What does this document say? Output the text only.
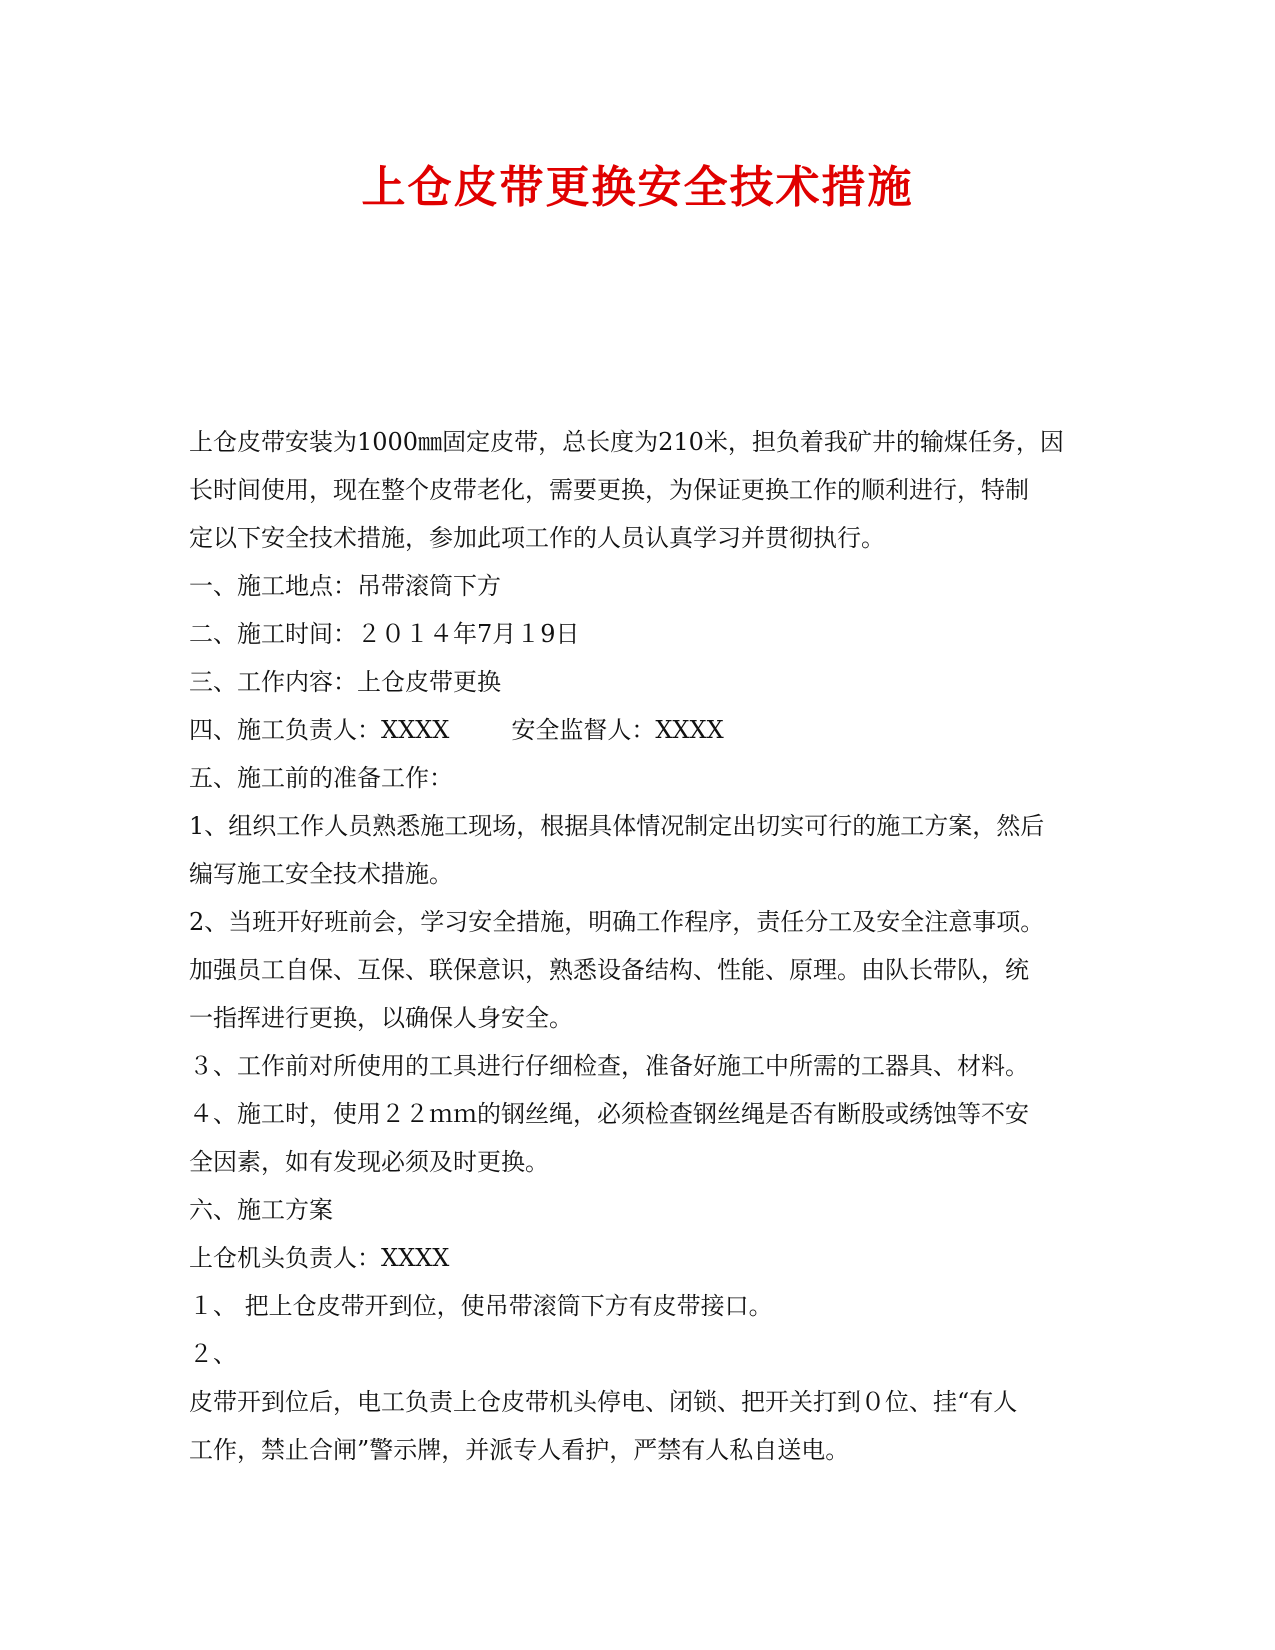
上仓皮带更换安全技术措施

上仓皮带安装为1000㎜固定皮带，总长度为210米，担负着我矿井的输煤任务，因

长时间使用，现在整个皮带老化，需要更换，为保证更换工作的顺利进行，特制

定以下安全技术措施，参加此项工作的人员认真学习并贯彻执行。

一、施工地点：吊带滚筒下方

二、施工时间：２０１４年7月１9日

三、工作内容：上仓皮带更换

四、施工负责人：XXXX	安全监督人：XXXX

五、施工前的准备工作：

1、组织工作人员熟悉施工现场，根据具体情况制定出切实可行的施工方案，然后

编写施工安全技术措施。

2、当班开好班前会，学习安全措施，明确工作程序，责任分工及安全注意事项。

加强员工自保、互保、联保意识，熟悉设备结构、性能、原理。由队长带队，统

一指挥进行更换，以确保人身安全。

３、工作前对所使用的工具进行仔细检查，准备好施工中所需的工器具、材料。

４、施工时，使用２２ｍｍ的钢丝绳，必须检查钢丝绳是否有断股或绣蚀等不安

全因素，如有发现必须及时更换。

六、施工方案

上仓机头负责人：XXXX

１、 把上仓皮带开到位，使吊带滚筒下方有皮带接口。

２、

皮带开到位后，电工负责上仓皮带机头停电、闭锁、把开关打到０位、挂“有人

工作，禁止合闸”警示牌，并派专人看护，严禁有人私自送电。
